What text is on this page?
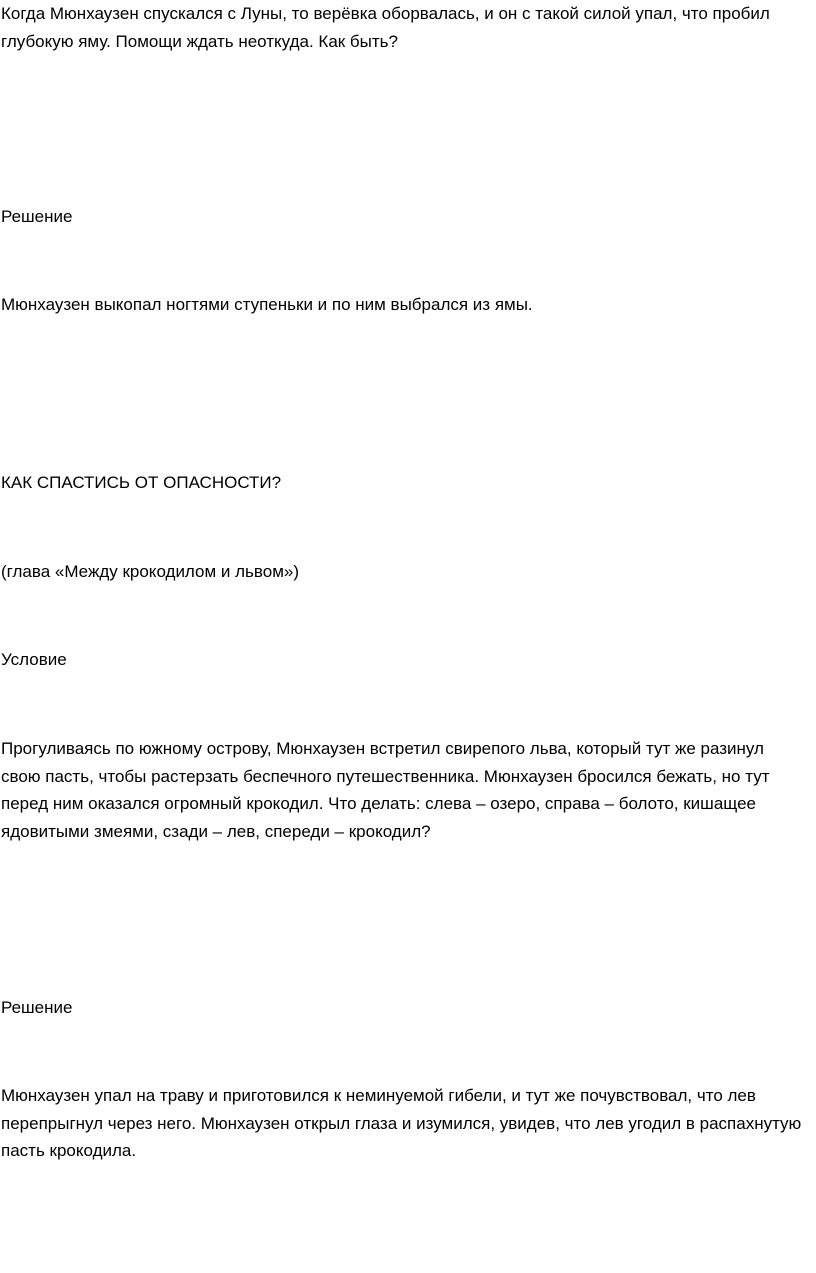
Когда Мюнхаузен спускался с Луны, то верёвка оборвалась, и он с такой силой упал, что пробил глубокую яму. Помощи ждать неоткуда. Как быть?

Решение

Мюнхаузен выкопал ногтями ступеньки и по ним выбрался из ямы.

КАК СПАСТИСЬ ОТ ОПАСНОСТИ?

(глава «Между крокодилом и львом»)

Условие

Прогуливаясь по южному острову, Мюнхаузен встретил свирепого льва, который тут же разинул свою пасть, чтобы растерзать беспечного путешественника. Мюнхаузен бросился бежать, но тут перед ним оказался огромный крокодил. Что делать: слева – озеро, справа – болото, кишащее ядовитыми змеями, сзади – лев, спереди – крокодил?

Решение

Мюнхаузен упал на траву и приготовился к неминуемой гибели, и тут же почувствовал, что лев перепрыгнул через него. Мюнхаузен открыл глаза и изумился, увидев, что лев угодил в распахнутую пасть крокодила.
